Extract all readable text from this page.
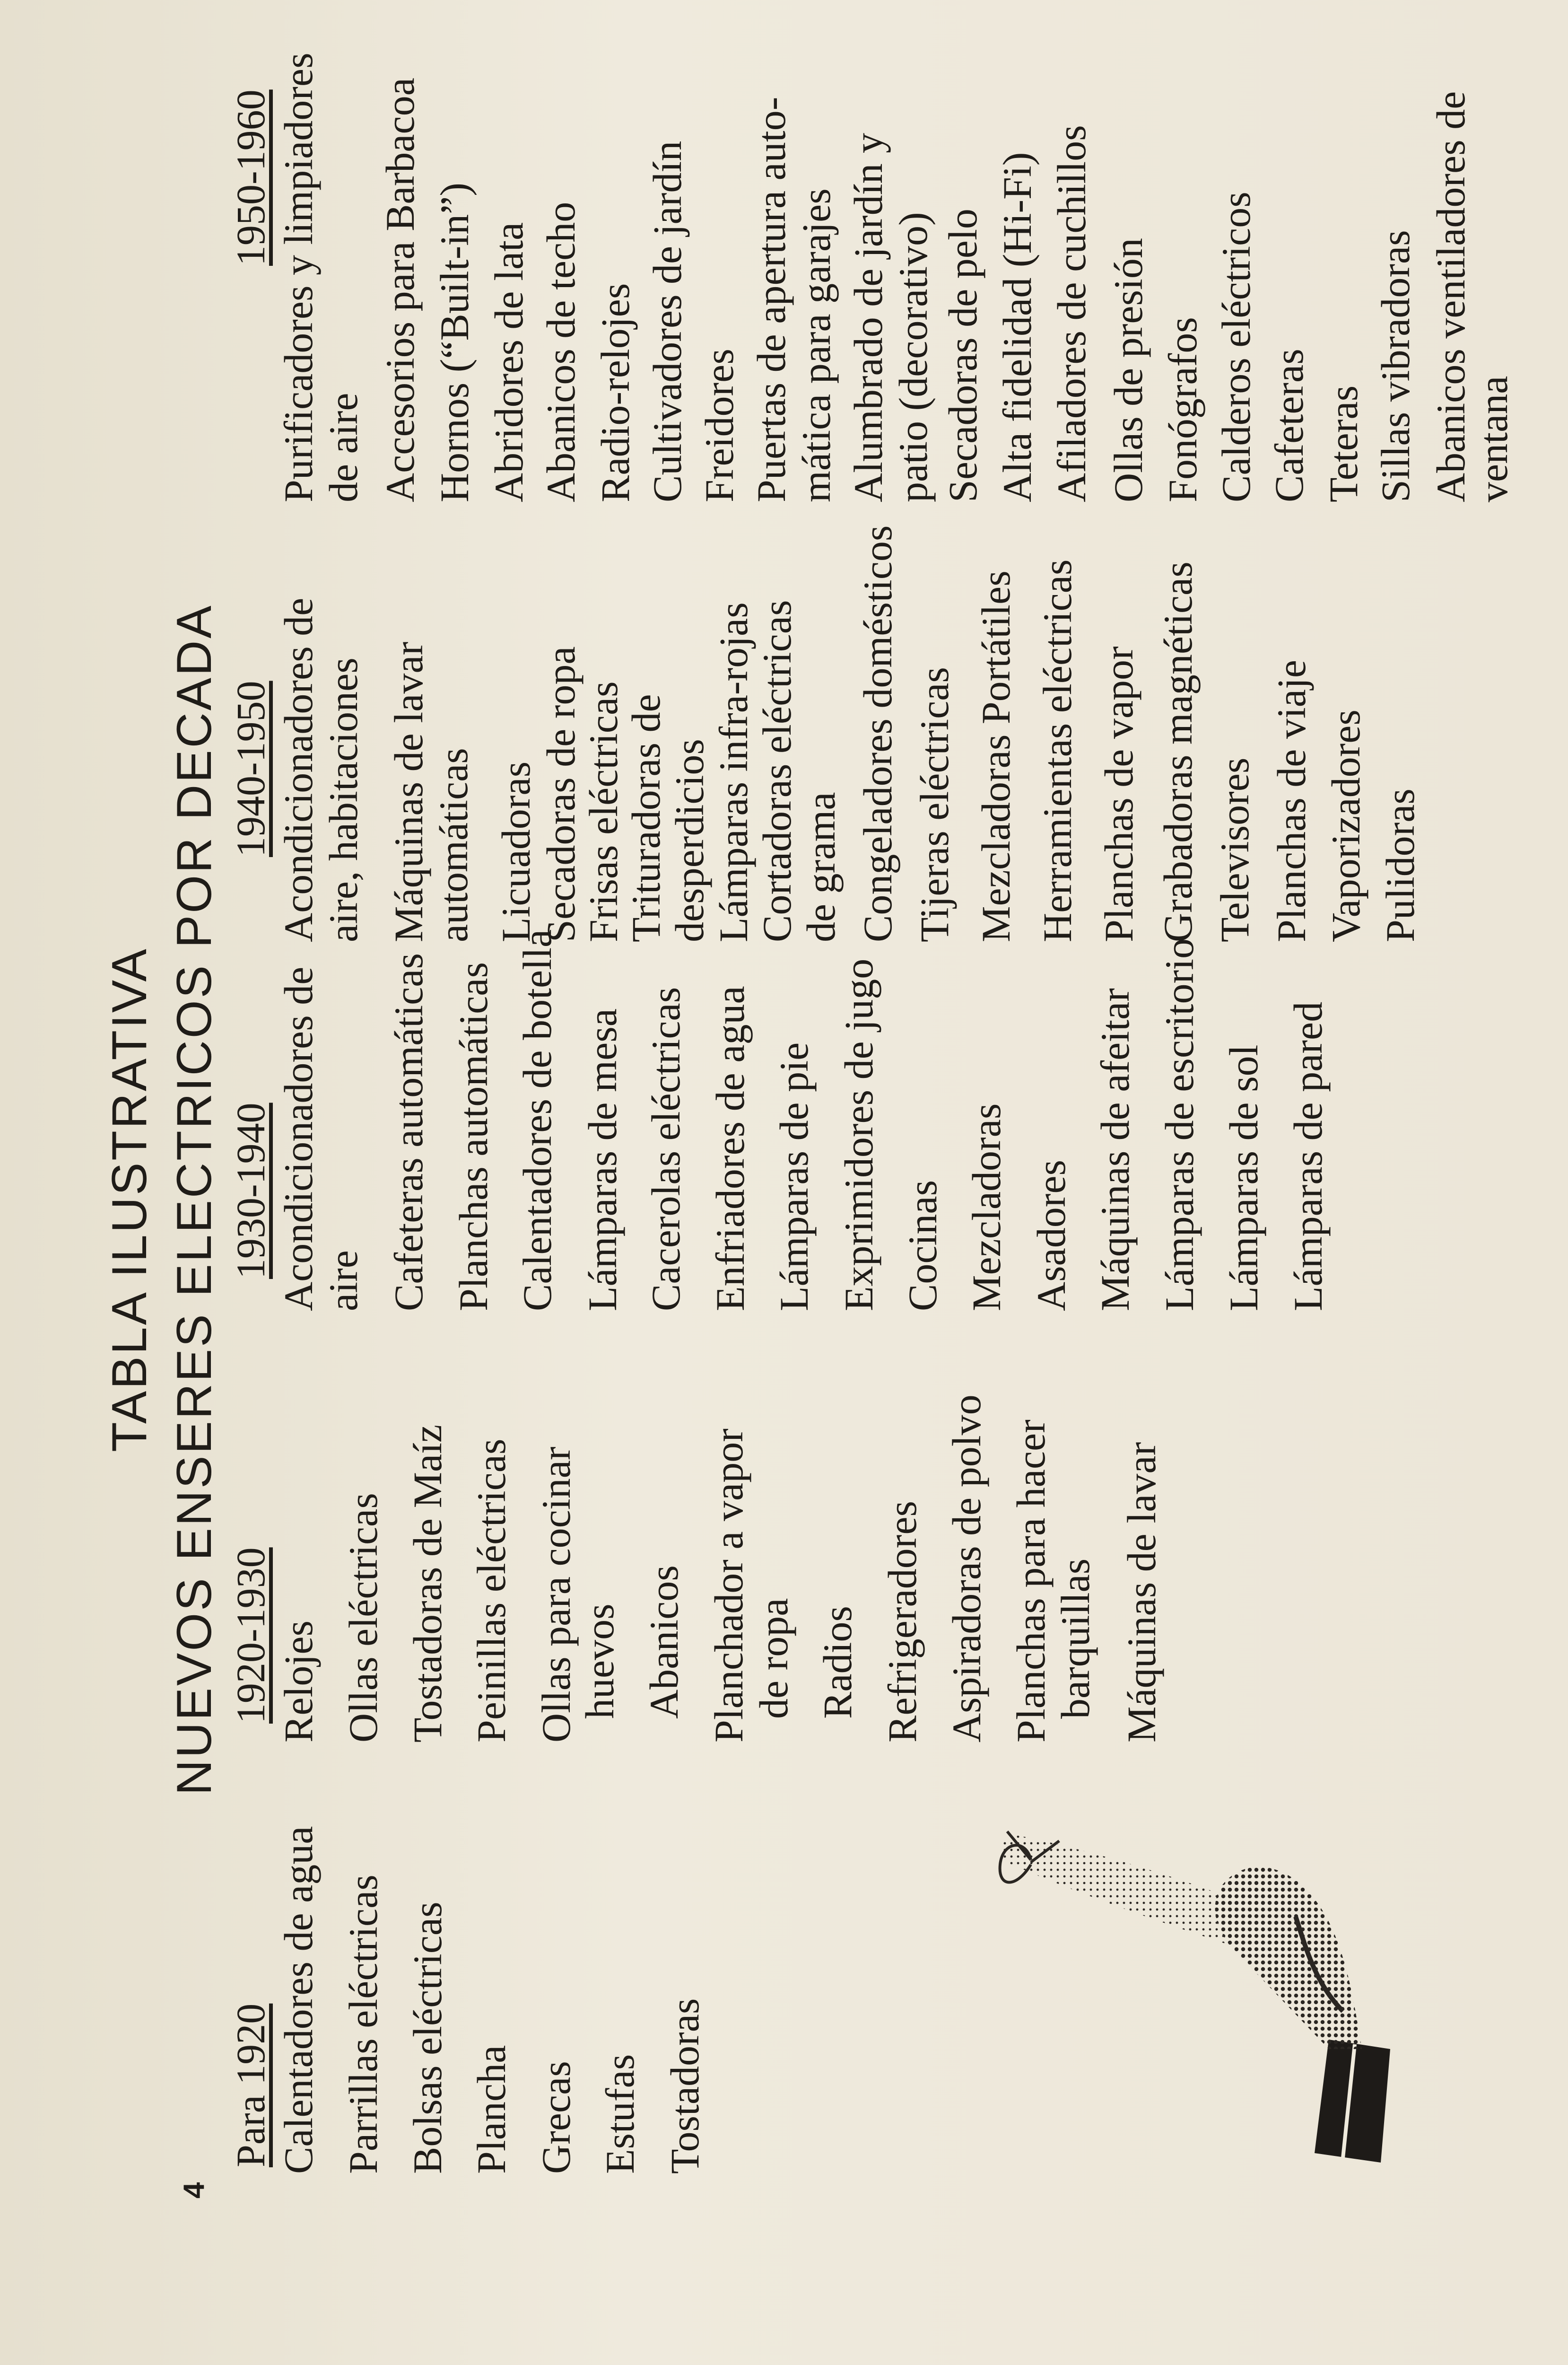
4
TABLA ILUSTRATIVA NUEVOS ENSERES ELECTRICOS POR DECADA
Para 1920 Calentadores de agua Parrillas eléctricas Bolsas eléctricas Plancha Grecas Estufas Tostadoras
1920-1930 Relojes Ollas eléctricas Tostadoras de Maíz Peinillas eléctricas Ollas para cocinar
huevos Abanicos Planchador a vapor de ropa Radios Refrigeradores Aspiradoras de polvo Planchas para hacer
barquillas Máquinas de lavar
1930-1940 Acondicionadores de aire Cafeteras automáticas Planchas automáticas Calentadores de botella Lámparas de mesa Cacerolas eléctricas Enfriadores de agua Lámparas de pie Exprimidores de jugo Cocinas Mezcladoras Asadores Máquinas de afeitar Lámparas de escritorio Lámparas de sol Lámparas de pared
1940-1950 Acondicionadores de aire, habitaciones Máquinas de lavar automáticas Licuadoras Secadoras de ropa
Frisas eléctricas
Trituradoras de
desperdicios
Lámparas infra-rojas
Cortadoras eléctricas
de grama Congeladores domésticos Tijeras eléctricas Mezcladoras Portátiles Herramientas eléctricas Planchas de vapor Grabadoras magnéticas Televisores Planchas de viaje Vaporizadores Pulidoras
1950-1960 Purificadores y limpiadores de aire Accesorios para Barbacoa Hornos (“Built-in”) Abridores de lata Abanicos de techo Radio-relojes Cultivadores de jardín Freidores Puertas de apertura auto- mática para garajes Alumbrado de jardín y patio (decorativo) Secadoras de pelo Alta fidelidad (Hi-Fi) Afiladores de cuchillos Ollas de presión Fonógrafos Calderos eléctricos Cafeteras Teteras Sillas vibradoras Abanicos ventiladores de
ventana
